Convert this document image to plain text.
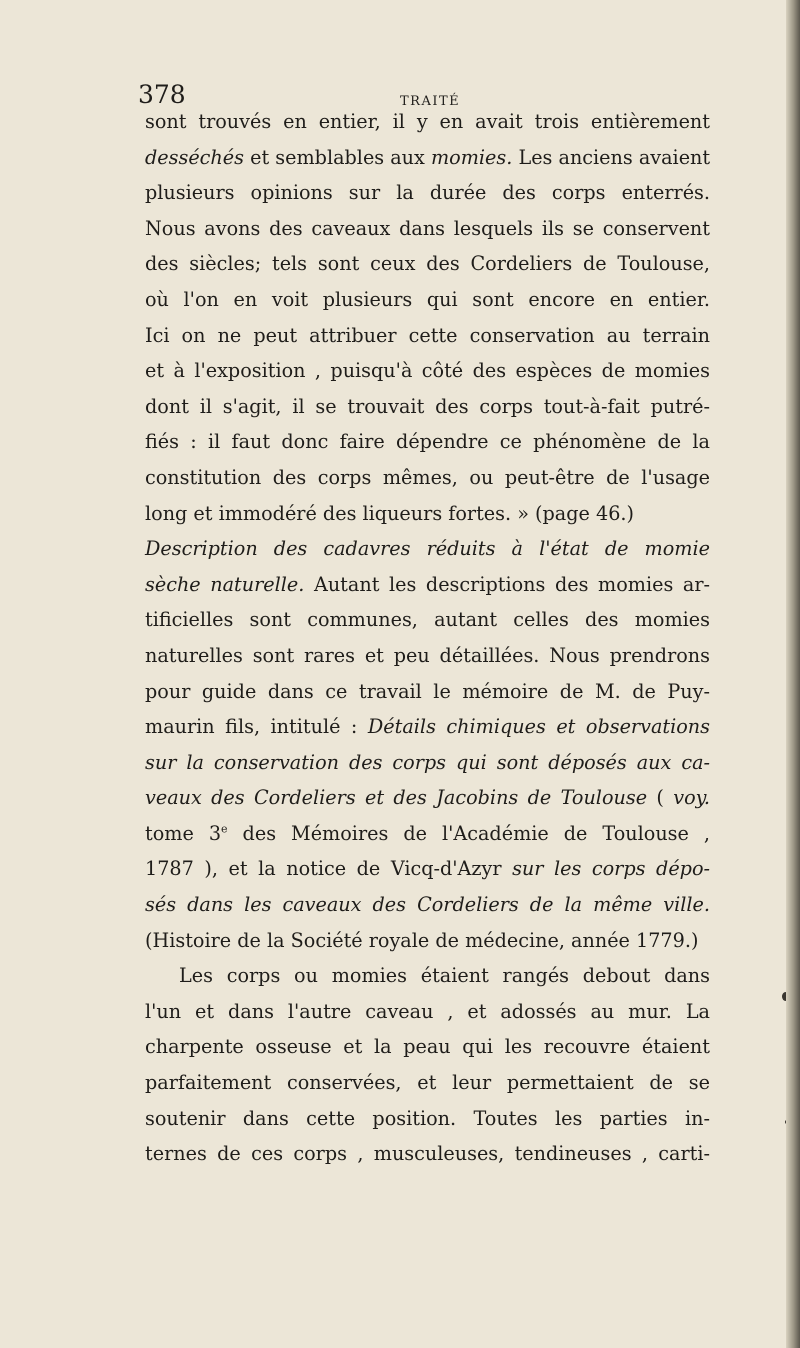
378	TRAITÉ
sont trouvés en entier, il y en avait trois entièrement
desséchés et semblables aux momies. Les anciens avaient
plusieurs opinions sur la durée des corps enterrés.
Nous avons des caveaux dans lesquels ils se conservent
des siècles; tels sont ceux des Cordeliers de Toulouse,
où l'on en voit plusieurs qui sont encore en entier.
Ici on ne peut attribuer cette conservation au terrain
et à l'exposition , puisqu'à côté des espèces de momies
dont il s'agit, il se trouvait des corps tout-à-fait putré-
fiés : il faut donc faire dépendre ce phénomène de la
constitution des corps mêmes, ou peut-être de l'usage
long et immodéré des liqueurs fortes. » (page 46.)
Description des cadavres réduits à l'état de momie
sèche naturelle. Autant les descriptions des momies ar-
tificielles sont communes, autant celles des momies
naturelles sont rares et peu détaillées. Nous prendrons
pour guide dans ce travail le mémoire de M. de Puy-
maurin fils, intitulé : Détails chimiques et observations
sur la conservation des corps qui sont déposés aux ca-
veaux des Cordeliers et des Jacobins de Toulouse ( voy.
tome 3e des Mémoires de l'Académie de Toulouse ,
1787 ), et la notice de Vicq-d'Azyr sur les corps dépo-
sés dans les caveaux des Cordeliers de la même ville.
(Histoire de la Société royale de médecine, année 1779.)
Les corps ou momies étaient rangés debout dans
l'un et dans l'autre caveau , et adossés au mur. La
charpente osseuse et la peau qui les recouvre étaient
parfaitement conservées, et leur permettaient de se
soutenir dans cette position. Toutes les parties in-
ternes de ces corps , musculeuses, tendineuses , carti-
